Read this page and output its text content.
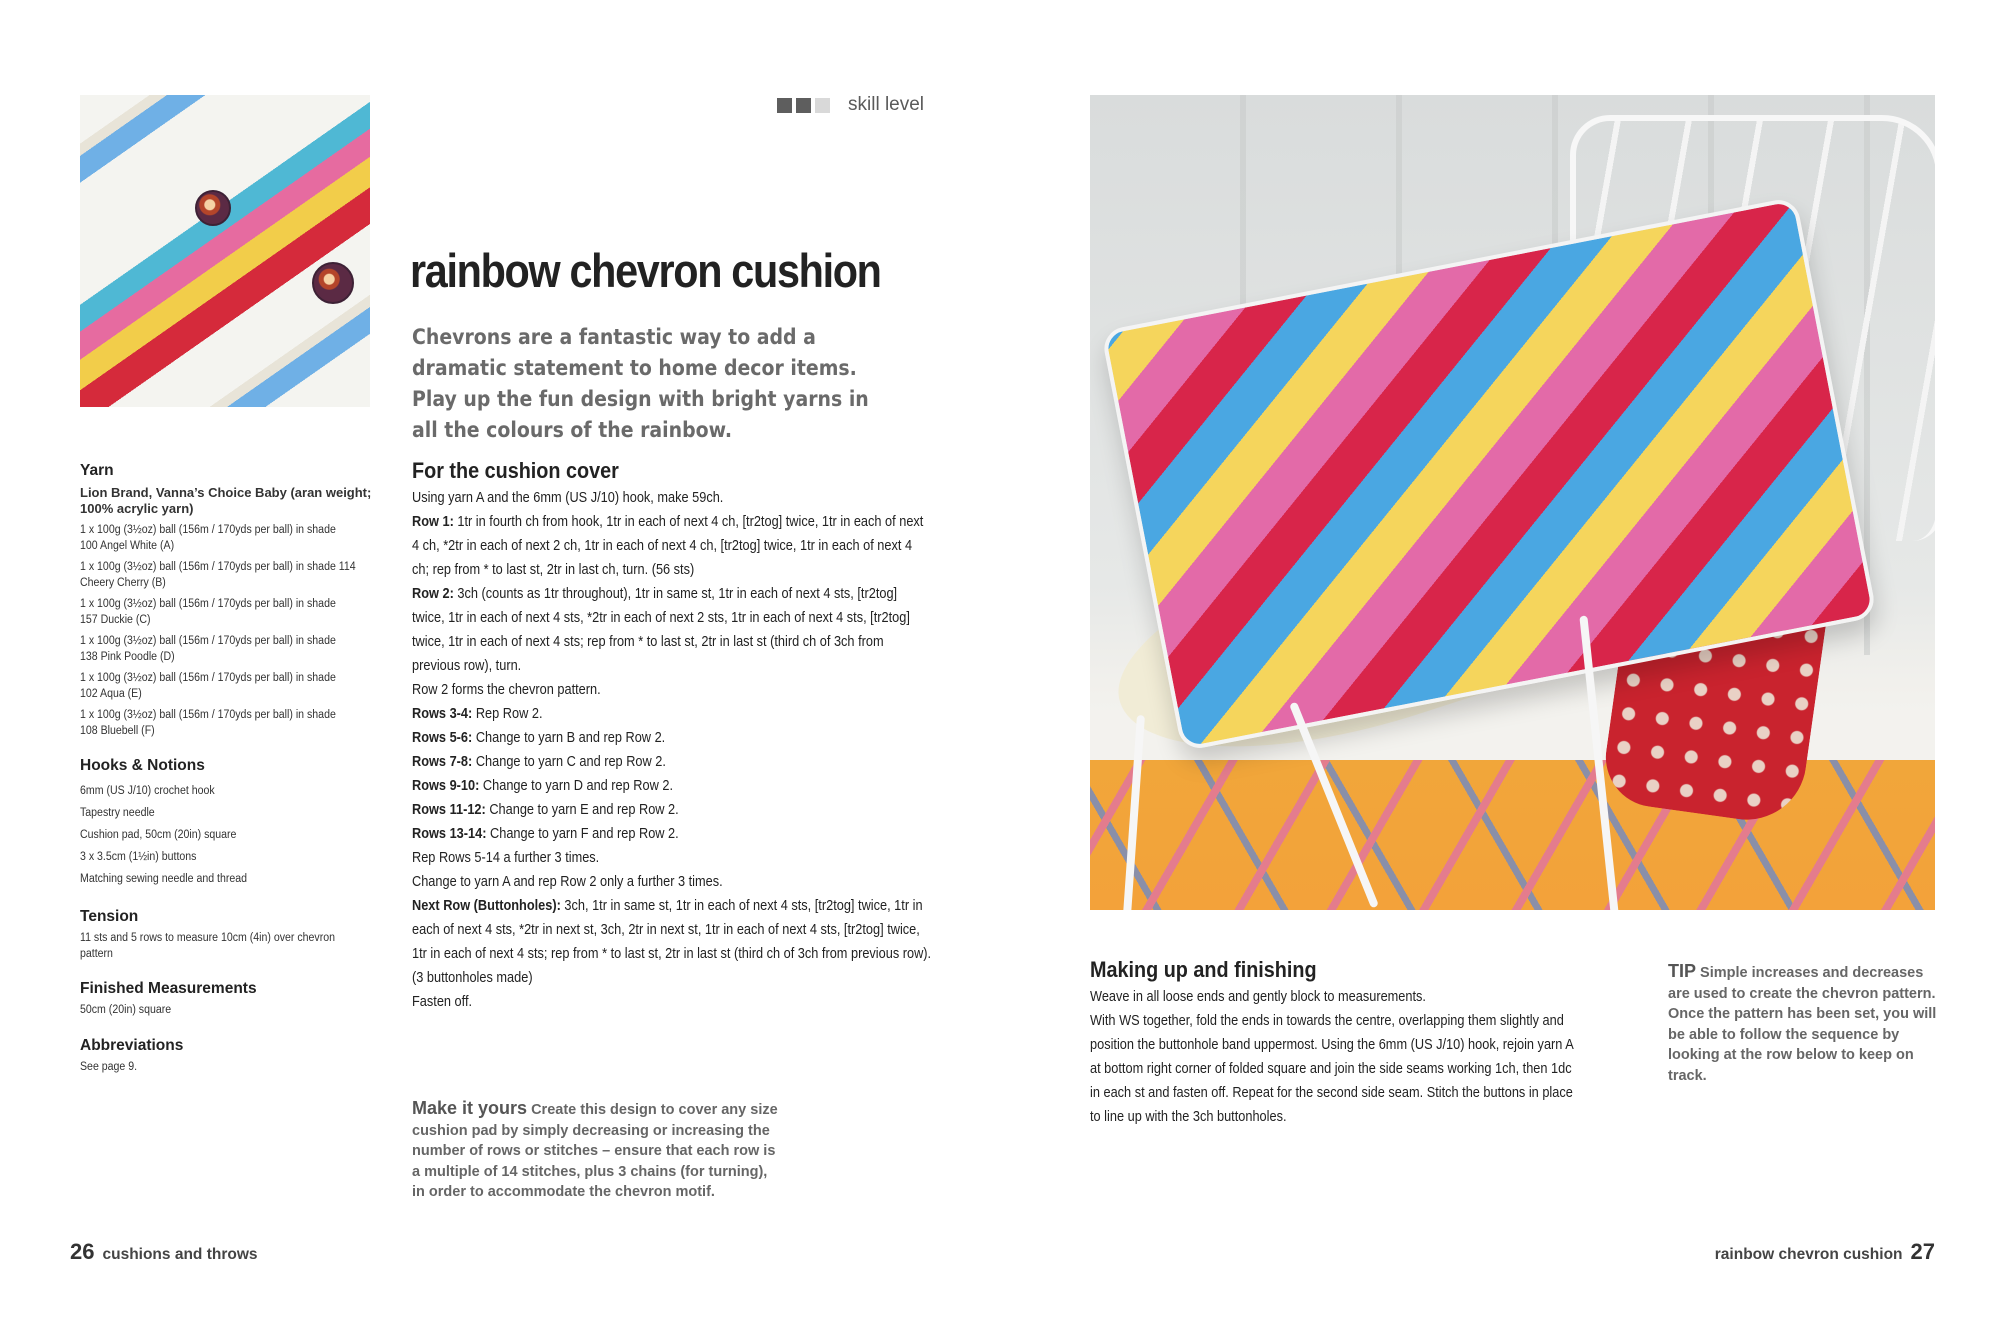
skill level
rainbow chevron cushion
Chevrons are a fantastic way to add a dramatic statement to home decor items. Play up the fun design with bright yarns in all the colours of the rainbow.
Yarn
Lion Brand, Vanna’s Choice Baby (aran weight; 100% acrylic yarn)
1 x 100g (3½oz) ball (156m / 170yds per ball) in shade 100 Angel White (A)
1 x 100g (3½oz) ball (156m / 170yds per ball) in shade 114 Cheery Cherry (B)
1 x 100g (3½oz) ball (156m / 170yds per ball) in shade 157 Duckie (C)
1 x 100g (3½oz) ball (156m / 170yds per ball) in shade 138 Pink Poodle (D)
1 x 100g (3½oz) ball (156m / 170yds per ball) in shade 102 Aqua (E)
1 x 100g (3½oz) ball (156m / 170yds per ball) in shade 108 Bluebell (F)
Hooks & Notions
6mm (US J/10) crochet hook
Tapestry needle
Cushion pad, 50cm (20in) square
3 x 3.5cm (1½in) buttons
Matching sewing needle and thread
Tension
11 sts and 5 rows to measure 10cm (4in) over chevron pattern
Finished Measurements
50cm (20in) square
Abbreviations
See page 9.
For the cushion cover
Using yarn A and the 6mm (US J/10) hook, make 59ch.
Row 1: 1tr in fourth ch from hook, 1tr in each of next 4 ch, [tr2tog] twice, 1tr in each of next 4 ch, *2tr in each of next 2 ch, 1tr in each of next 4 ch, [tr2tog] twice, 1tr in each of next 4 ch; rep from * to last st, 2tr in last ch, turn. (56 sts)
Row 2: 3ch (counts as 1tr throughout), 1tr in same st, 1tr in each of next 4 sts, [tr2tog] twice, 1tr in each of next 4 sts, *2tr in each of next 2 sts, 1tr in each of next 4 sts, [tr2tog] twice, 1tr in each of next 4 sts; rep from * to last st, 2tr in last st (third ch of 3ch from previous row), turn.
Row 2 forms the chevron pattern.
Rows 3-4: Rep Row 2.
Rows 5-6: Change to yarn B and rep Row 2.
Rows 7-8: Change to yarn C and rep Row 2.
Rows 9-10: Change to yarn D and rep Row 2.
Rows 11-12: Change to yarn E and rep Row 2.
Rows 13-14: Change to yarn F and rep Row 2.
Rep Rows 5-14 a further 3 times.
Change to yarn A and rep Row 2 only a further 3 times.
Next Row (Buttonholes): 3ch, 1tr in same st, 1tr in each of next 4 sts, [tr2tog] twice, 1tr in each of next 4 sts, *2tr in next st, 3ch, 2tr in next st, 1tr in each of next 4 sts, [tr2tog] twice, 1tr in each of next 4 sts; rep from * to last st, 2tr in last st (third ch of 3ch from previous row). (3 buttonholes made)
Fasten off.
Make it yours Create this design to cover any size cushion pad by simply decreasing or increasing the number of rows or stitches – ensure that each row is a multiple of 14 stitches, plus 3 chains (for turning), in order to accommodate the chevron motif.
Making up and finishing
Weave in all loose ends and gently block to measurements.
With WS together, fold the ends in towards the centre, overlapping them slightly and position the buttonhole band uppermost. Using the 6mm (US J/10) hook, rejoin yarn A at bottom right corner of folded square and join the side seams working 1ch, then 1dc in each st and fasten off. Repeat for the second side seam. Stitch the buttons in place to line up with the 3ch buttonholes.
TIP Simple increases and decreases are used to create the chevron pattern. Once the pattern has been set, you will be able to follow the sequence by looking at the row below to keep on track.
26 cushions and throws	rainbow chevron cushion 27
